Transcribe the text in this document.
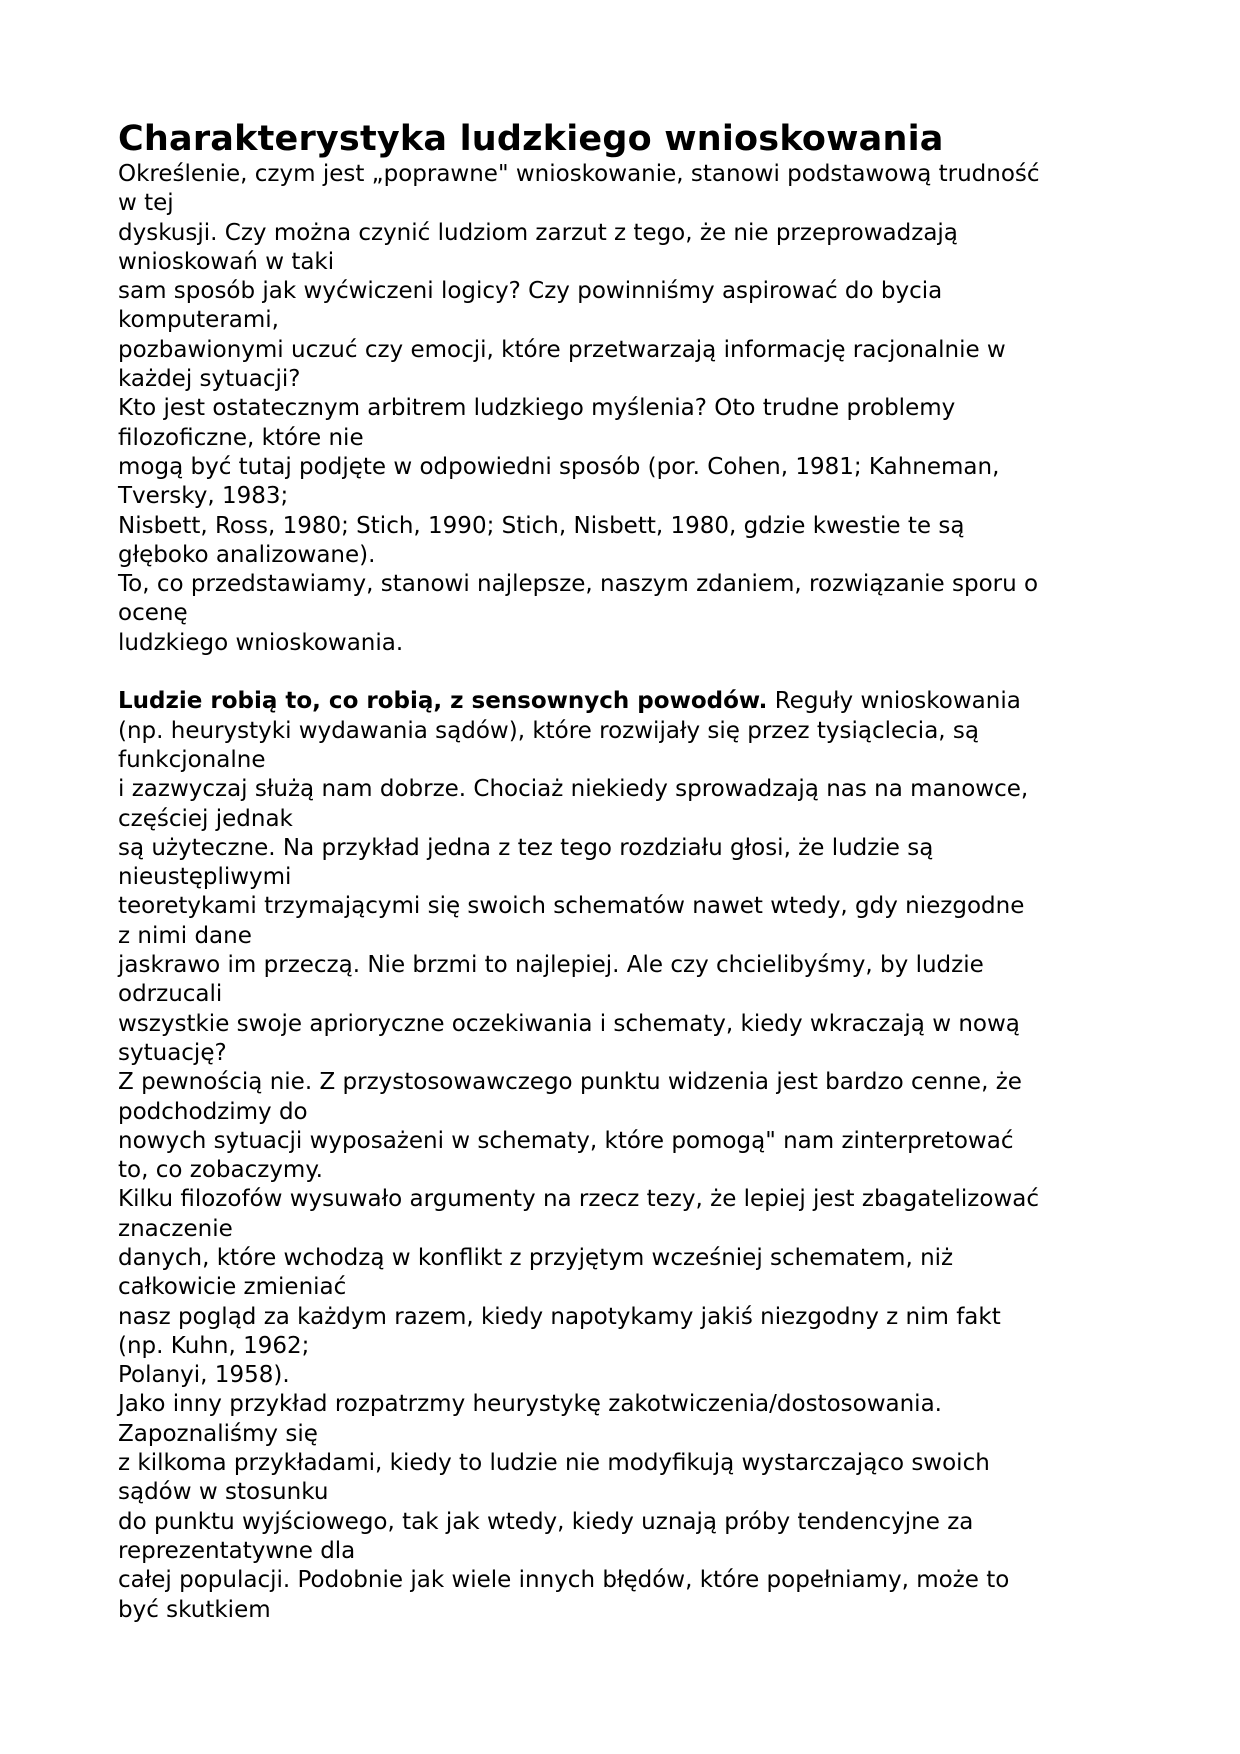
Charakterystyka ludzkiego wnioskowania
Określenie, czym jest „poprawne" wnioskowanie, stanowi podstawową trudność
w tej
dyskusji. Czy można czynić ludziom zarzut z tego, że nie przeprowadzają
wnioskowań w taki
sam sposób jak wyćwiczeni logicy? Czy powinniśmy aspirować do bycia
komputerami,
pozbawionymi uczuć czy emocji, które przetwarzają informację racjonalnie w
każdej sytuacji?
Kto jest ostatecznym arbitrem ludzkiego myślenia? Oto trudne problemy
filozoficzne, które nie
mogą być tutaj podjęte w odpowiedni sposób (por. Cohen, 1981; Kahneman,
Tversky, 1983;
Nisbett, Ross, 1980; Stich, 1990; Stich, Nisbett, 1980, gdzie kwestie te są
głęboko analizowane).
To, co przedstawiamy, stanowi najlepsze, naszym zdaniem, rozwiązanie sporu o
ocenę
ludzkiego wnioskowania.
Ludzie robią to, co robią, z sensownych powodów. Reguły wnioskowania
(np. heurystyki wydawania sądów), które rozwijały się przez tysiąclecia, są
funkcjonalne
i zazwyczaj służą nam dobrze. Chociaż niekiedy sprowadzają nas na manowce,
częściej jednak
są użyteczne. Na przykład jedna z tez tego rozdziału głosi, że ludzie są
nieustępliwymi
teoretykami trzymającymi się swoich schematów nawet wtedy, gdy niezgodne
z nimi dane
jaskrawo im przeczą. Nie brzmi to najlepiej. Ale czy chcielibyśmy, by ludzie
odrzucali
wszystkie swoje aprioryczne oczekiwania i schematy, kiedy wkraczają w nową
sytuację?
Z pewnością nie. Z przystosowawczego punktu widzenia jest bardzo cenne, że
podchodzimy do
nowych sytuacji wyposażeni w schematy, które pomogą" nam zinterpretować
to, co zobaczymy.
Kilku filozofów wysuwało argumenty na rzecz tezy, że lepiej jest zbagatelizować
znaczenie
danych, które wchodzą w konflikt z przyjętym wcześniej schematem, niż
całkowicie zmieniać
nasz pogląd za każdym razem, kiedy napotykamy jakiś niezgodny z nim fakt
(np. Kuhn, 1962;
Polanyi, 1958).
Jako inny przykład rozpatrzmy heurystykę zakotwiczenia/dostosowania.
Zapoznaliśmy się
z kilkoma przykładami, kiedy to ludzie nie modyfikują wystarczająco swoich
sądów w stosunku
do punktu wyjściowego, tak jak wtedy, kiedy uznają próby tendencyjne za
reprezentatywne dla
całej populacji. Podobnie jak wiele innych błędów, które popełniamy, może to
być skutkiem
